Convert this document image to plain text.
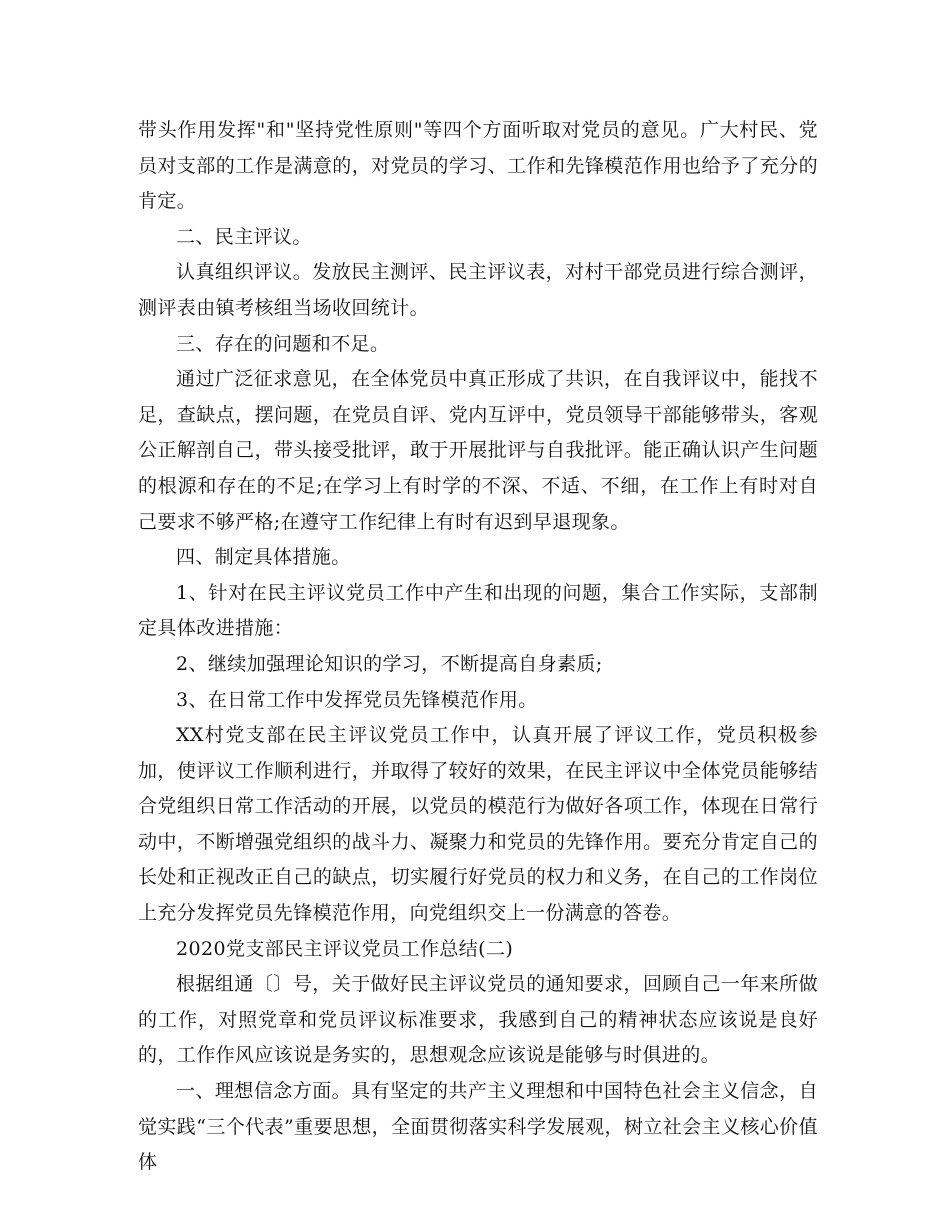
带头作用发挥"和"坚持党性原则"等四个方面听取对党员的意见。广大村民、党员对支部的工作是满意的，对党员的学习、工作和先锋模范作用也给予了充分的肯定。

二、民主评议。

认真组织评议。发放民主测评、民主评议表，对村干部党员进行综合测评，测评表由镇考核组当场收回统计。

三、存在的问题和不足。

通过广泛征求意见，在全体党员中真正形成了共识，在自我评议中，能找不足，查缺点，摆问题，在党员自评、党内互评中，党员领导干部能够带头，客观公正解剖自己，带头接受批评，敢于开展批评与自我批评。能正确认识产生问题的根源和存在的不足;在学习上有时学的不深、不适、不细，在工作上有时对自己要求不够严格;在遵守工作纪律上有时有迟到早退现象。

四、制定具体措施。

1、针对在民主评议党员工作中产生和出现的问题，集合工作实际，支部制定具体改进措施：

2、继续加强理论知识的学习，不断提高自身素质;

3、在日常工作中发挥党员先锋模范作用。

XX村党支部在民主评议党员工作中，认真开展了评议工作，党员积极参加，使评议工作顺利进行，并取得了较好的效果，在民主评议中全体党员能够结合党组织日常工作活动的开展，以党员的模范行为做好各项工作，体现在日常行动中，不断增强党组织的战斗力、凝聚力和党员的先锋作用。要充分肯定自己的长处和正视改正自己的缺点，切实履行好党员的权力和义务，在自己的工作岗位上充分发挥党员先锋模范作用，向党组织交上一份满意的答卷。

2020党支部民主评议党员工作总结(二)

根据组通〔〕号，关于做好民主评议党员的通知要求，回顾自己一年来所做的工作，对照党章和党员评议标准要求，我感到自己的精神状态应该说是良好的，工作作风应该说是务实的，思想观念应该说是能够与时俱进的。

一、理想信念方面。具有坚定的共产主义理想和中国特色社会主义信念，自觉实践“三个代表”重要思想，全面贯彻落实科学发展观，树立社会主义核心价值体
